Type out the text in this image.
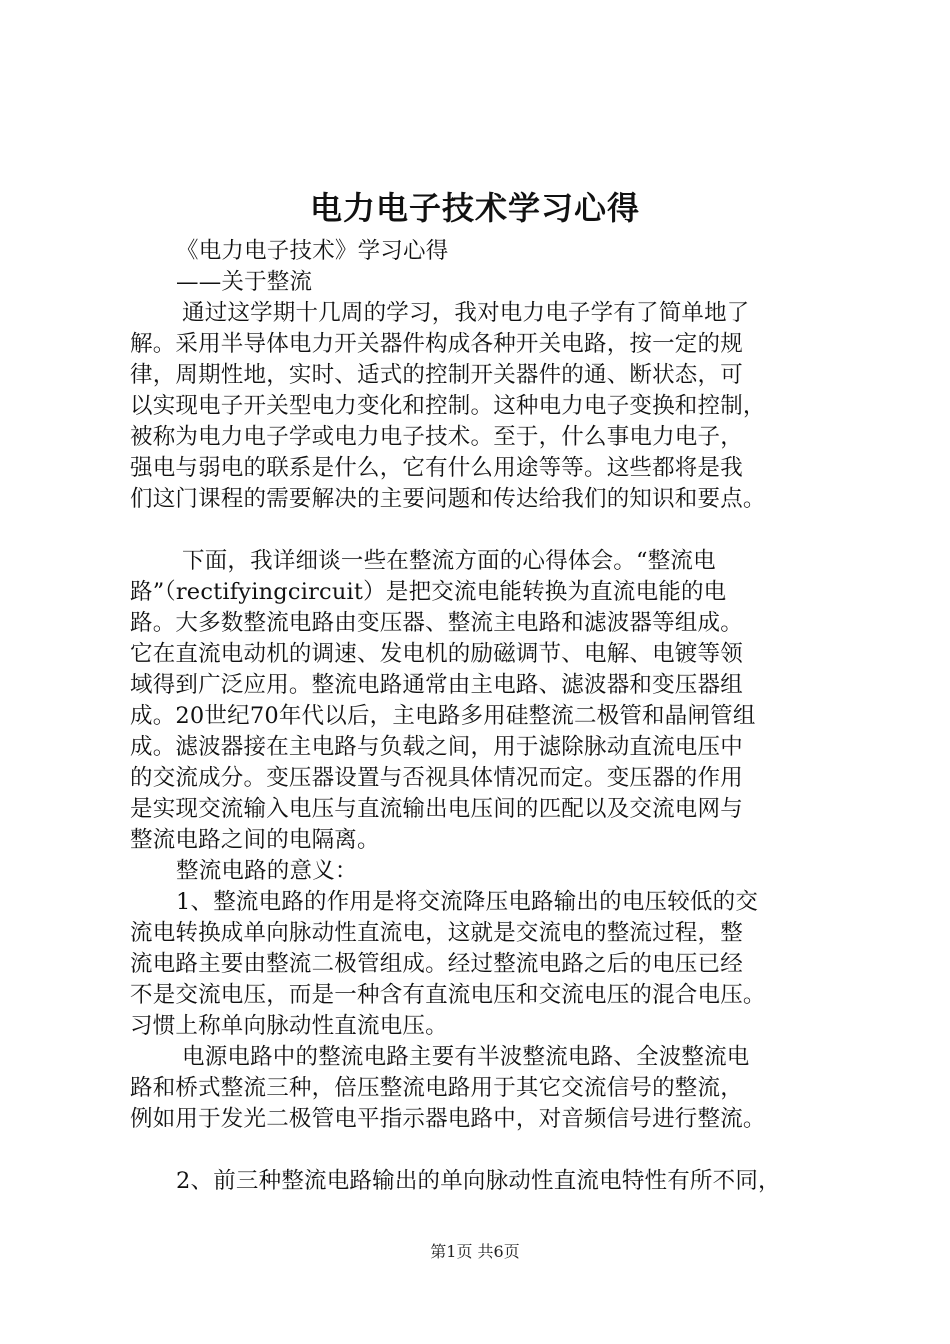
电力电子技术学习心得
《电力电子技术》学习心得
——关于整流
通过这学期十几周的学习，我对电力电子学有了简单地了
解。采用半导体电力开关器件构成各种开关电路，按一定的规
律，周期性地，实时、适式的控制开关器件的通、断状态，可
以实现电子开关型电力变化和控制。这种电力电子变换和控制，
被称为电力电子学或电力电子技术。至于，什么事电力电子，
强电与弱电的联系是什么，它有什么用途等等。这些都将是我
们这门课程的需要解决的主要问题和传达给我们的知识和要点。
下面，我详细谈一些在整流方面的心得体会。“整流电
路”（rectifyingcircuit）是把交流电能转换为直流电能的电
路。大多数整流电路由变压器、整流主电路和滤波器等组成。
它在直流电动机的调速、发电机的励磁调节、电解、电镀等领
域得到广泛应用。整流电路通常由主电路、滤波器和变压器组
成。20世纪70年代以后，主电路多用硅整流二极管和晶闸管组
成。滤波器接在主电路与负载之间，用于滤除脉动直流电压中
的交流成分。变压器设置与否视具体情况而定。变压器的作用
是实现交流输入电压与直流输出电压间的匹配以及交流电网与
整流电路之间的电隔离。
整流电路的意义：
1、整流电路的作用是将交流降压电路输出的电压较低的交
流电转换成单向脉动性直流电，这就是交流电的整流过程，整
流电路主要由整流二极管组成。经过整流电路之后的电压已经
不是交流电压，而是一种含有直流电压和交流电压的混合电压。
习惯上称单向脉动性直流电压。
电源电路中的整流电路主要有半波整流电路、全波整流电
路和桥式整流三种，倍压整流电路用于其它交流信号的整流，
例如用于发光二极管电平指示器电路中，对音频信号进行整流。
2、前三种整流电路输出的单向脉动性直流电特性有所不同，
第1页 共6页
